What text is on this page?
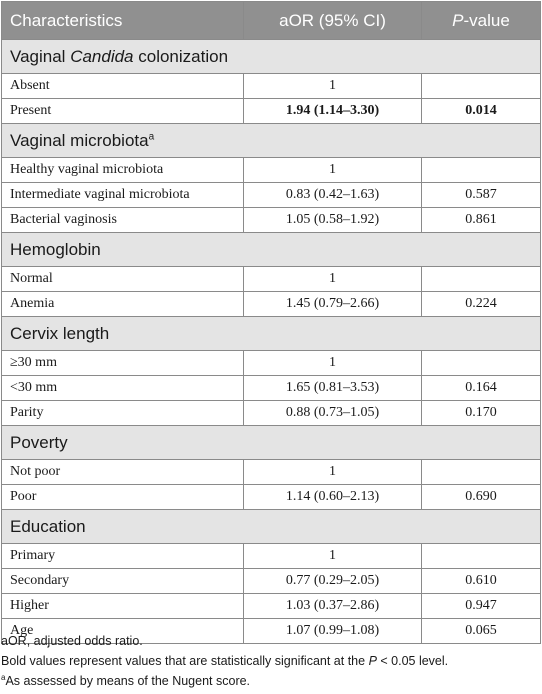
Characteristics	aOR (95% CI)	P-value
Vaginal Candida colonization		
Absent	1	
Present	1.94 (1.14–3.30)	0.014
Vaginal microbiota$^a$
Healthy vaginal microbiota	1	
Intermediate vaginal microbiota	0.83 (0.42–1.63)	0.587
Bacterial vaginosis	1.05 (0.58–1.92)	0.861
Hemoglobin		
Normal	1	
Anemia	1.45 (0.79–2.66)	0.224
Cervix length		
≥30 mm	1	
<30 mm	1.65 (0.81–3.53)	0.164
Parity	0.88 (0.73–1.05)	0.170
Poverty		
Not poor	1	
Poor	1.14 (0.60–2.13)	0.690
Education		
Primary	1	
Secondary	0.77 (0.29–2.05)	0.610
Higher	1.03 (0.37–2.86)	0.947
Age	1.07 (0.99–1.08)	0.065
aOR, adjusted odds ratio.
Bold values represent values that are statistically significant at the P < 0.05 level.
$^a$As assessed by means of the Nugent score.
